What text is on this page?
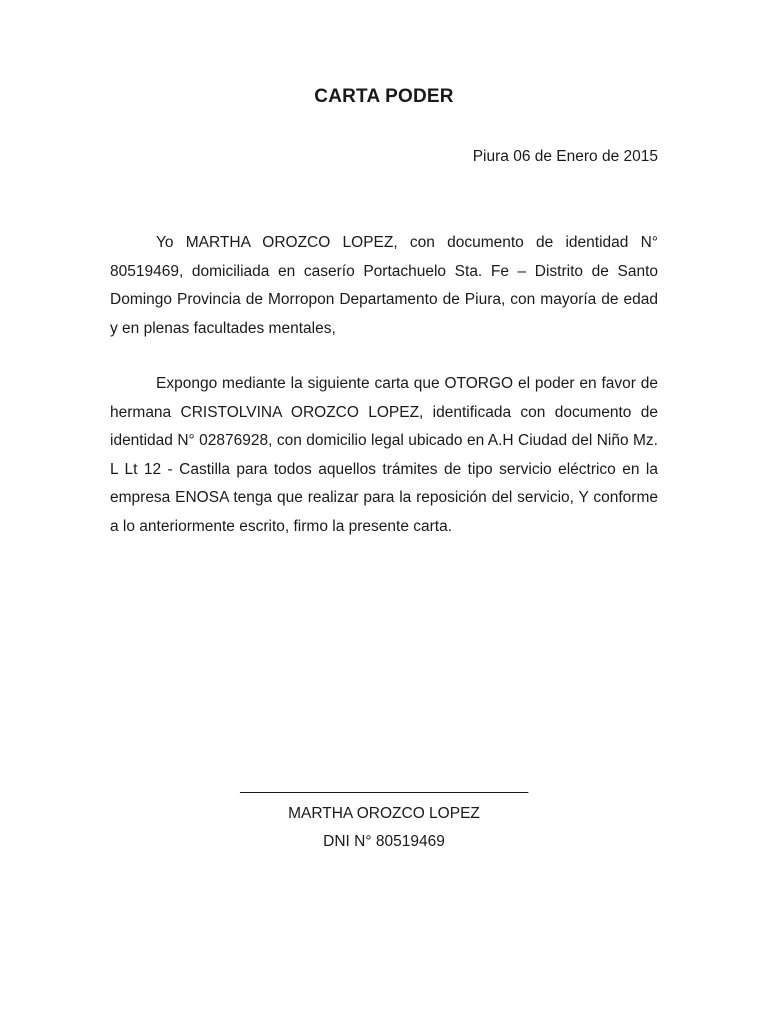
CARTA PODER
Piura 06 de Enero de 2015

Yo MARTHA OROZCO LOPEZ, con documento de identidad N° 80519469, domiciliada en caserío Portachuelo Sta. Fe – Distrito de Santo Domingo Provincia de Morropon Departamento de Piura, con mayoría de edad y en plenas facultades mentales,

Expongo mediante la siguiente carta que OTORGO el poder en favor de hermana CRISTOLVINA OROZCO LOPEZ, identificada con documento de identidad N° 02876928, con domicilio legal ubicado en A.H Ciudad del Niño Mz. L Lt 12 - Castilla para todos aquellos trámites de tipo servicio eléctrico en la empresa ENOSA tenga que realizar para la reposición del servicio, Y conforme a lo anteriormente escrito, firmo la presente carta.

___________________________________
MARTHA OROZCO LOPEZ
DNI N° 80519469
